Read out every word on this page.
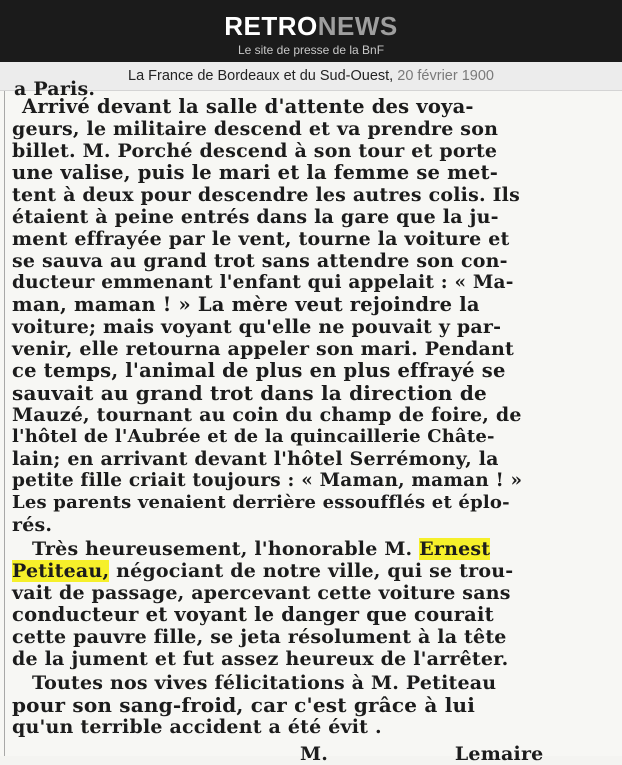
RETRONEWS
Le site de presse de la BnF
La France de Bordeaux et du Sud-Ouest, 20 février 1900
a Paris.
Arrivé devant la salle d'attente des voya-
geurs, le militaire descend et va prendre son
billet. M. Porché descend à son tour et porte
une valise, puis le mari et la femme se met-
tent à deux pour descendre les autres colis. Ils
étaient à peine entrés dans la gare que la ju-
ment effrayée par le vent, tourne la voiture et
se sauva au grand trot sans attendre son con-
ducteur emmenant l'enfant qui appelait : « Ma-
man, maman ! » La mère veut rejoindre la
voiture; mais voyant qu'elle ne pouvait y par-
venir, elle retourna appeler son mari. Pendant
ce temps, l'animal de plus en plus effrayé se
sauvait au grand trot dans la direction de
Mauzé, tournant au coin du champ de foire, de
l'hôtel de l'Aubrée et de la quincaillerie Châte-
lain; en arrivant devant l'hôtel Serrémony, la
petite fille criait toujours : « Maman, maman ! »
Les parents venaient derrière essoufflés et éplo-
rés.
Très heureusement, l'honorable M. Ernest
Petiteau, négociant de notre ville, qui se trou-
vait de passage, apercevant cette voiture sans
conducteur et voyant le danger que courait
cette pauvre fille, se jeta résolument à la tête
de la jument et fut assez heureux de l'arrêter.
Toutes nos vives félicitations à M. Petiteau
pour son sang-froid, car c'est grâce à lui
qu'un terrible accident a été évit .
M.	Lemaire
